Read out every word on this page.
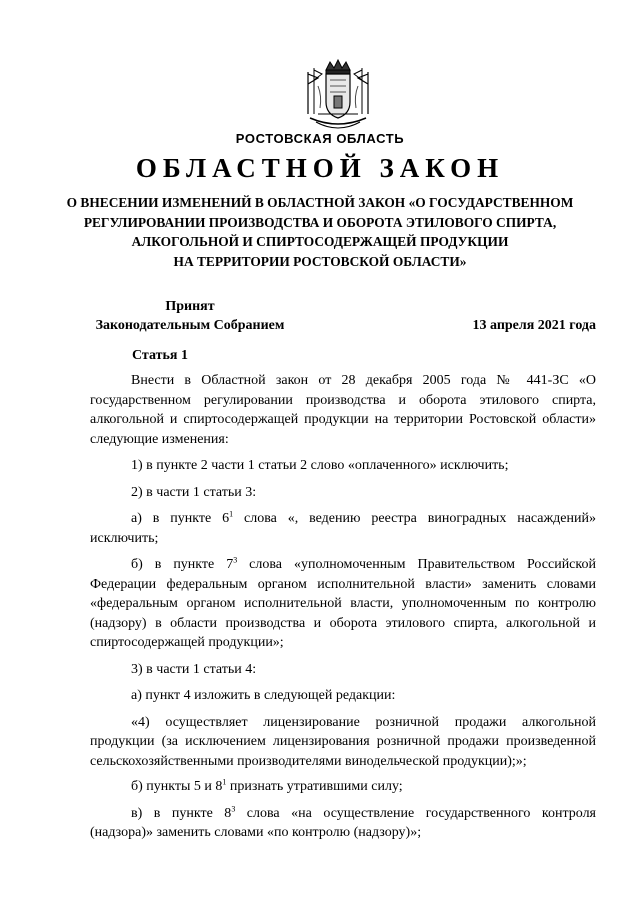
РОСТОВСКАЯ ОБЛАСТЬ
ОБЛАСТНОЙ ЗАКОН
О ВНЕСЕНИИ ИЗМЕНЕНИЙ В ОБЛАСТНОЙ ЗАКОН «О ГОСУДАРСТВЕННОМ
РЕГУЛИРОВАНИИ ПРОИЗВОДСТВА И ОБОРОТА ЭТИЛОВОГО СПИРТА,
АЛКОГОЛЬНОЙ И СПИРТОСОДЕРЖАЩЕЙ ПРОДУКЦИИ
НА ТЕРРИТОРИИ РОСТОВСКОЙ ОБЛАСТИ»
Принят
Законодательным Собранием	13 апреля 2021 года
Статья 1

Внести в Областной закон от 28 декабря 2005 года № 441-ЗС «О государственном регулировании производства и оборота этилового спирта, алкогольной и спиртосодержащей продукции на территории Ростовской области» следующие изменения:

1) в пункте 2 части 1 статьи 2 слово «оплаченного» исключить;

2) в части 1 статьи 3:

а) в пункте $6^1$ слова «, ведению реестра виноградных насаждений» исключить;

б) в пункте $7^3$ слова «уполномоченным Правительством Российской Федерации федеральным органом исполнительной власти» заменить словами «федеральным органом исполнительной власти, уполномоченным по контролю (надзору) в области производства и оборота этилового спирта, алкогольной и спиртосодержащей продукции»;

3) в части 1 статьи 4:

а) пункт 4 изложить в следующей редакции:

«4) осуществляет лицензирование розничной продажи алкогольной продукции (за исключением лицензирования розничной продажи произведенной сельскохозяйственными производителями винодельческой продукции);»;

б) пункты 5 и $8^1$ признать утратившими силу;

в) в пункте $8^3$ слова «на осуществление государственного контроля (надзора)» заменить словами «по контролю (надзору)»;
